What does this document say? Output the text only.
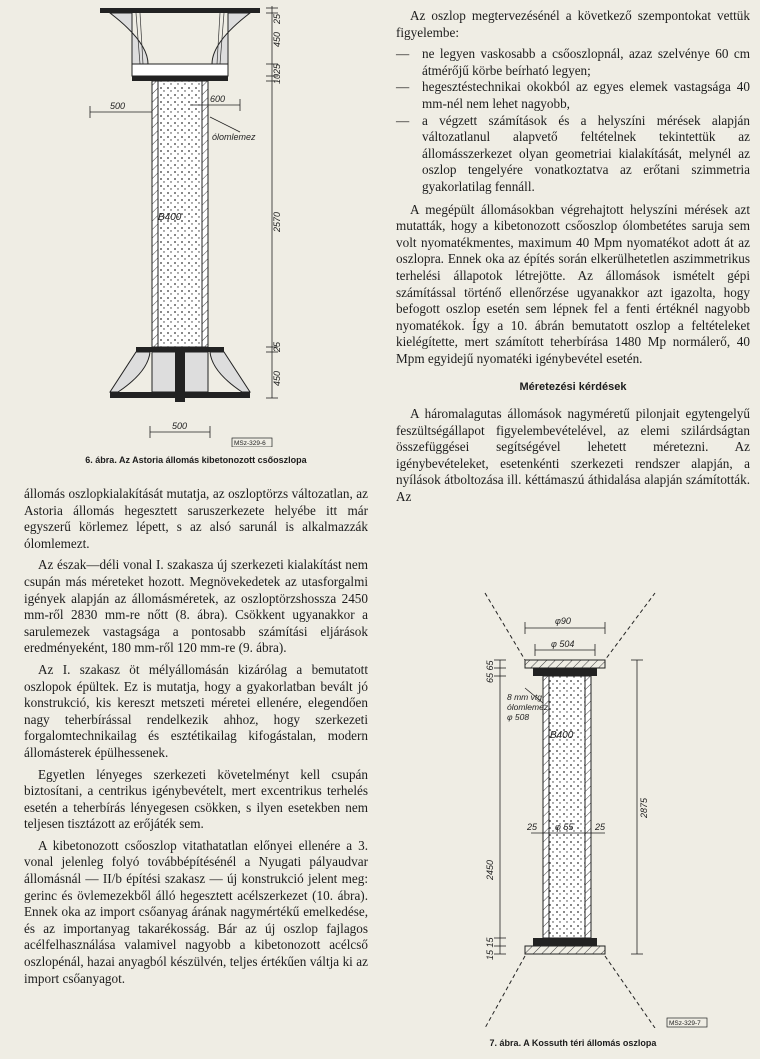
B400
25
450
25
10
2570
25
450
500
600
500
ólomlemez
MSz-329-6
6. ábra. Az Astoria állomás kibetonozott csőoszlopa

állomás oszlopkialakítását mutatja, az oszloptörzs változatlan, az Astoria állomás hegesztett saruszerkezete helyébe itt már egyszerű körlemez lépett, s az alsó sarunál is alkalmazzák ólomlemezt.

Az észak—déli vonal I. szakasza új szerkezeti kialakítást nem csupán más méreteket hozott. Megnövekedetek az utasforgalmi igények alapján az állomásméretek, az oszloptörzshossza 2450 mm-ről 2830 mm-re nőtt (8. ábra). Csökkent ugyanakkor a sarulemezek vastagsága a pontosabb számítási eljárások eredményeként, 180 mm-ről 120 mm-re (9. ábra).

Az I. szakasz öt mélyállomásán kizárólag a bemutatott oszlopok épültek. Ez is mutatja, hogy a gyakorlatban bevált jó konstrukció, kis kereszt metszeti méretei ellenére, elegendően nagy teherbírással rendelkezik ahhoz, hogy szerkezeti forgalomtechnikailag és esztétikailag kifogástalan, modern állomásterek épülhessenek.

Egyetlen lényeges szerkezeti követelményt kell csupán biztosítani, a centrikus igénybevételt, mert excentrikus terhelés esetén a teherbírás lényegesen csökken, s ilyen esetekben nem teljesen tisztázott az erőjáték sem.

A kibetonozott csőoszlop vitathatatlan előnyei ellenére a 3. vonal jelenleg folyó továbbépítésénél a Nyugati pályaudvar állomásnál — II/b építési szakasz — új konstrukció jelent meg: gerinc és övlemezekből álló hegesztett acélszerkezet (10. ábra). Ennek oka az import csőanyag árának nagymértékű emelkedése, és az importanyag takarékosság. Bár az új oszlop fajlagos acélfelhasználása valamivel nagyobb a kibetonozott acélcső oszlopénál, hazai anyagból készülvén, teljes értékűen váltja ki az import csőanyagot.

Az oszlop megtervezésénél a következő szempontokat vettük figyelembe:

— ne legyen vaskosabb a csőoszlopnál, azaz szelvénye 60 cm átmérőjű körbe beírható legyen;
— hegesztéstechnikai okokból az egyes elemek vastagsága 40 mm-nél nem lehet nagyobb,
— a végzett számítások és a helyszíni mérések alapján változatlanul alapvető feltételnek tekintettük az állomásszerkezet olyan geometriai kialakítását, melynél az oszlop tengelyére vonatkoztatva az erőtani szimmetria gyakorlatilag fennáll.

A megépült állomásokban végrehajtott helyszíni mérések azt mutatták, hogy a kibetonozott csőoszlop ólombetétes saruja sem volt nyomatékmentes, maximum 40 Mpm nyomatékot adott át az oszlopra. Ennek oka az építés során elkerülhetetlen aszimmetrikus terhelési állapotok létrejötte. Az állomások ismételt gépi számítással történő ellenőrzése ugyanakkor azt igazolta, hogy befogott oszlop esetén sem lépnek fel a fenti értéknél nagyobb nyomatékok. Így a 10. ábrán bemutatott oszlop a feltételeket kielégítette, mert számított teherbírása 1480 Mp normálerő, 40 Mpm egyidejű nyomatéki igénybevétel esetén.

Méretezési kérdések

A háromalagutas állomások nagyméretű pilonjait egytengelyű feszültségállapot figyelembevételével, az elemi szilárdságtan összefüggései segítségével lehetett méretezni. Az igénybevételeket, esetenkénti szerkezeti rendszer alapján, a nyílások átboltozása ill. kéttámaszú áthidalása alapján számították. Az

B400
φ90
φ 504
65 65
2875
2450
15 15
25 φ 55 25
8 mm vtg.
ólomlemez
φ 508
MSz-329-7
7. ábra. A Kossuth téri állomás oszlopa
